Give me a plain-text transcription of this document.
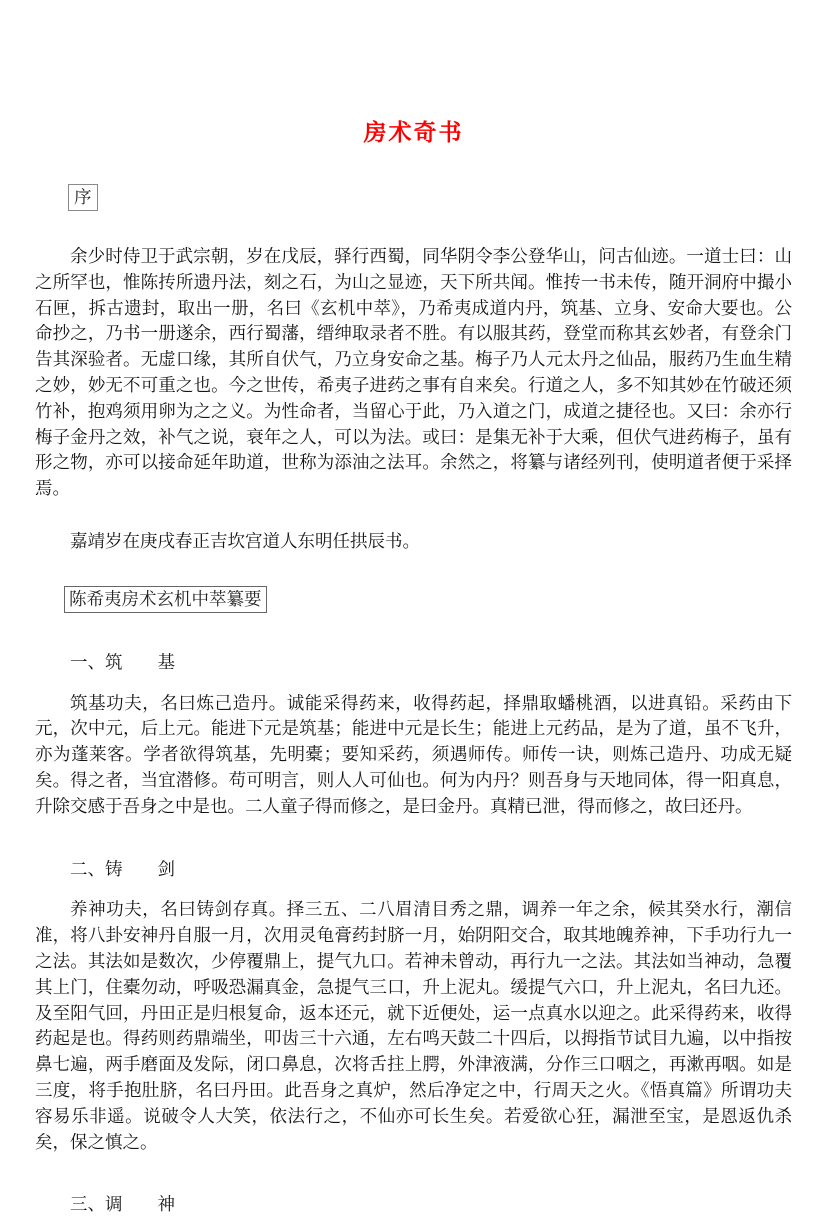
房术奇书
序

余少时侍卫于武宗朝，岁在戊辰，驿行西蜀，同华阴令李公登华山，问古仙迹。一道士曰：山之所罕也，惟陈抟所遗丹法，刻之石，为山之显迹，天下所共闻。惟抟一书未传，随开洞府中撮小石匣，拆古遗封，取出一册，名曰《玄机中萃》，乃希夷成道内丹，筑基、立身、安命大要也。公命抄之，乃书一册遂余，西行蜀藩，缙绅取录者不胜。有以服其药，登堂而称其玄妙者，有登余门告其深验者。无虚口缘，其所自伏气，乃立身安命之基。梅子乃人元太丹之仙品，服药乃生血生精之妙，妙无不可重之也。今之世传，希夷子进药之事有自来矣。行道之人，多不知其妙在竹破还须竹补，抱鸡须用卵为之之义。为性命者，当留心于此，乃入道之门，成道之捷径也。又曰：余亦行梅子金丹之效，补气之说，衰年之人，可以为法。或曰：是集无补于大乘，但伏气进药梅子，虽有形之物，亦可以接命延年助道，世称为添油之法耳。余然之，将纂与诸经列刊，使明道者便于采择焉。

嘉靖岁在庚戌春正吉坎宫道人东明任拱辰书。

陈希夷房术玄机中萃纂要

一、筑　　基

筑基功夫，名曰炼己造丹。诚能采得药来，收得药起，择鼎取蟠桃酒，以进真铅。采药由下元，次中元，后上元。能进下元是筑基；能进中元是长生；能进上元药品，是为了道，虽不飞升，亦为蓬莱客。学者欲得筑基，先明橐；要知采药，须遇师传。师传一诀，则炼己造丹、功成无疑矣。得之者，当宜潜修。苟可明言，则人人可仙也。何为内丹？则吾身与天地同体，得一阳真息，升除交感于吾身之中是也。二人童子得而修之，是曰金丹。真精已泄，得而修之，故曰还丹。

二、铸　　剑

养神功夫，名曰铸剑存真。择三五、二八眉清目秀之鼎，调养一年之余，候其癸水行，潮信准，将八卦安神丹自服一月，次用灵龟膏药封脐一月，始阴阳交合，取其地魄养神，下手功行九一之法。其法如是数次，少停覆鼎上，提气九口。若神未曾动，再行九一之法。其法如当神动，急覆其上门，住橐勿动，呼吸恐漏真金，急提气三口，升上泥丸。缓提气六口，升上泥丸，名曰九还。及至阳气回，丹田正是归根复命，返本还元，就下近便处，运一点真水以迎之。此采得药来，收得药起是也。得药则药鼎端坐，叩齿三十六通，左右鸣天鼓二十四后，以拇指节试目九遍，以中指按鼻七遍，两手磨面及发际，闭口鼻息，次将舌拄上腭，外津液满，分作三口咽之，再漱再咽。如是三度，将手抱肚脐，名曰丹田。此吾身之真炉，然后净定之中，行周天之火。《悟真篇》所谓功夫容易乐非遥。说破令人大笑，依法行之，不仙亦可长生矣。若爱欲心狂，漏泄至宝，是恩返仇杀矣，保之慎之。

三、调　　神
